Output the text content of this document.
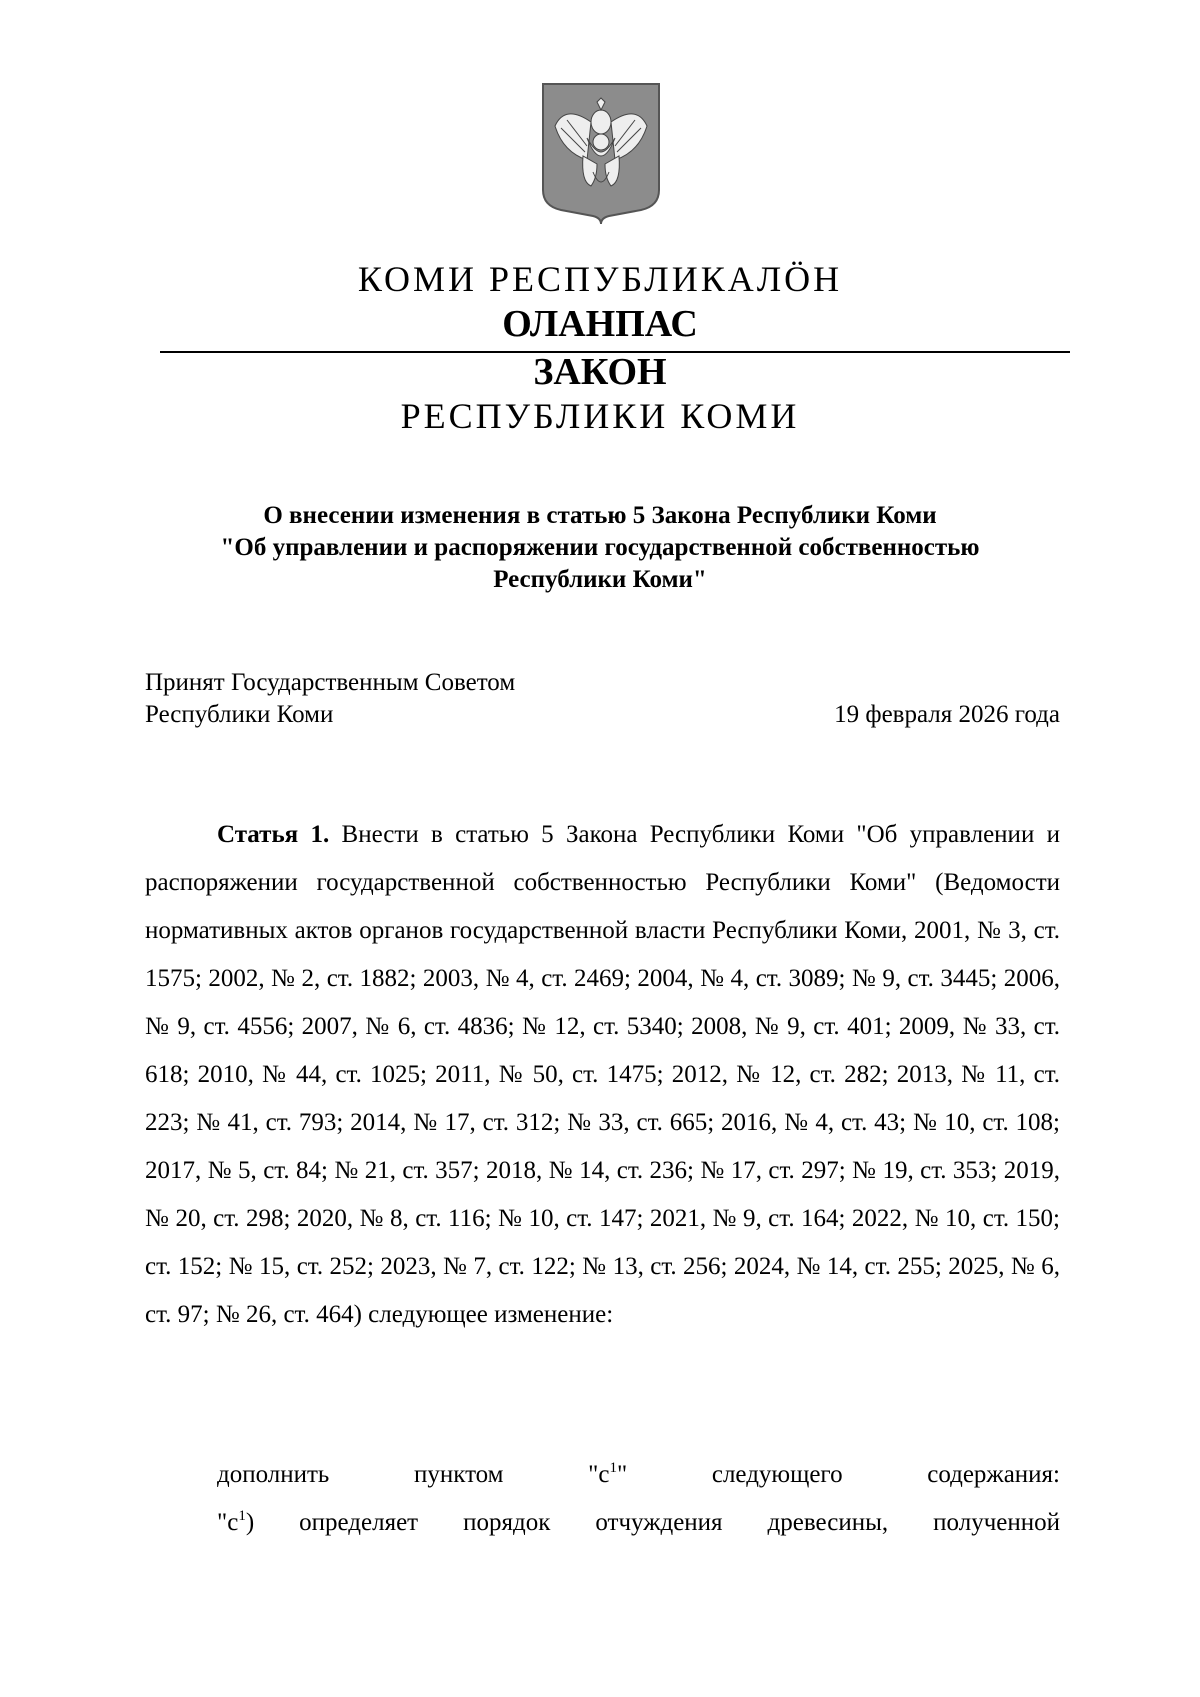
КОМИ РЕСПУБЛИКАЛÖН
ОЛАНПАС
ЗАКОН
РЕСПУБЛИКИ КОМИ
О внесении изменения в статью 5 Закона Республики Коми
"Об управлении и распоряжении государственной собственностью
Республики Коми"
Принят Государственным Советом
Республики Коми	19 февраля 2026 года

Статья 1. Внести в статью 5 Закона Республики Коми "Об управлении и распоряжении государственной собственностью Республики Коми" (Ведомости нормативных актов органов государственной власти Республики Коми, 2001, № 3, ст. 1575; 2002, № 2, ст. 1882; 2003, № 4, ст. 2469; 2004, № 4, ст. 3089; № 9, ст. 3445; 2006, № 9, ст. 4556; 2007, № 6, ст. 4836; № 12, ст. 5340; 2008, № 9, ст. 401; 2009, № 33, ст. 618; 2010, № 44, ст. 1025; 2011, № 50, ст. 1475; 2012, № 12, ст. 282; 2013, № 11, ст. 223; № 41, ст. 793; 2014, № 17, ст. 312; № 33, ст. 665; 2016, № 4, ст. 43; № 10, ст. 108; 2017, № 5, ст. 84; № 21, ст. 357; 2018, № 14, ст. 236; № 17, ст. 297; № 19, ст. 353; 2019, № 20, ст. 298; 2020, № 8, ст. 116; № 10, ст. 147; 2021, № 9, ст. 164; 2022, № 10, ст. 150; ст. 152; № 15, ст. 252; 2023, № 7, ст. 122; № 13, ст. 256; 2024, № 14, ст. 255; 2025, № 6, ст. 97; № 26, ст. 464) следующее изменение:

дополнить пунктом "$с^1$" следующего содержания:

"$с^1$) определяет порядок отчуждения древесины, полученной
